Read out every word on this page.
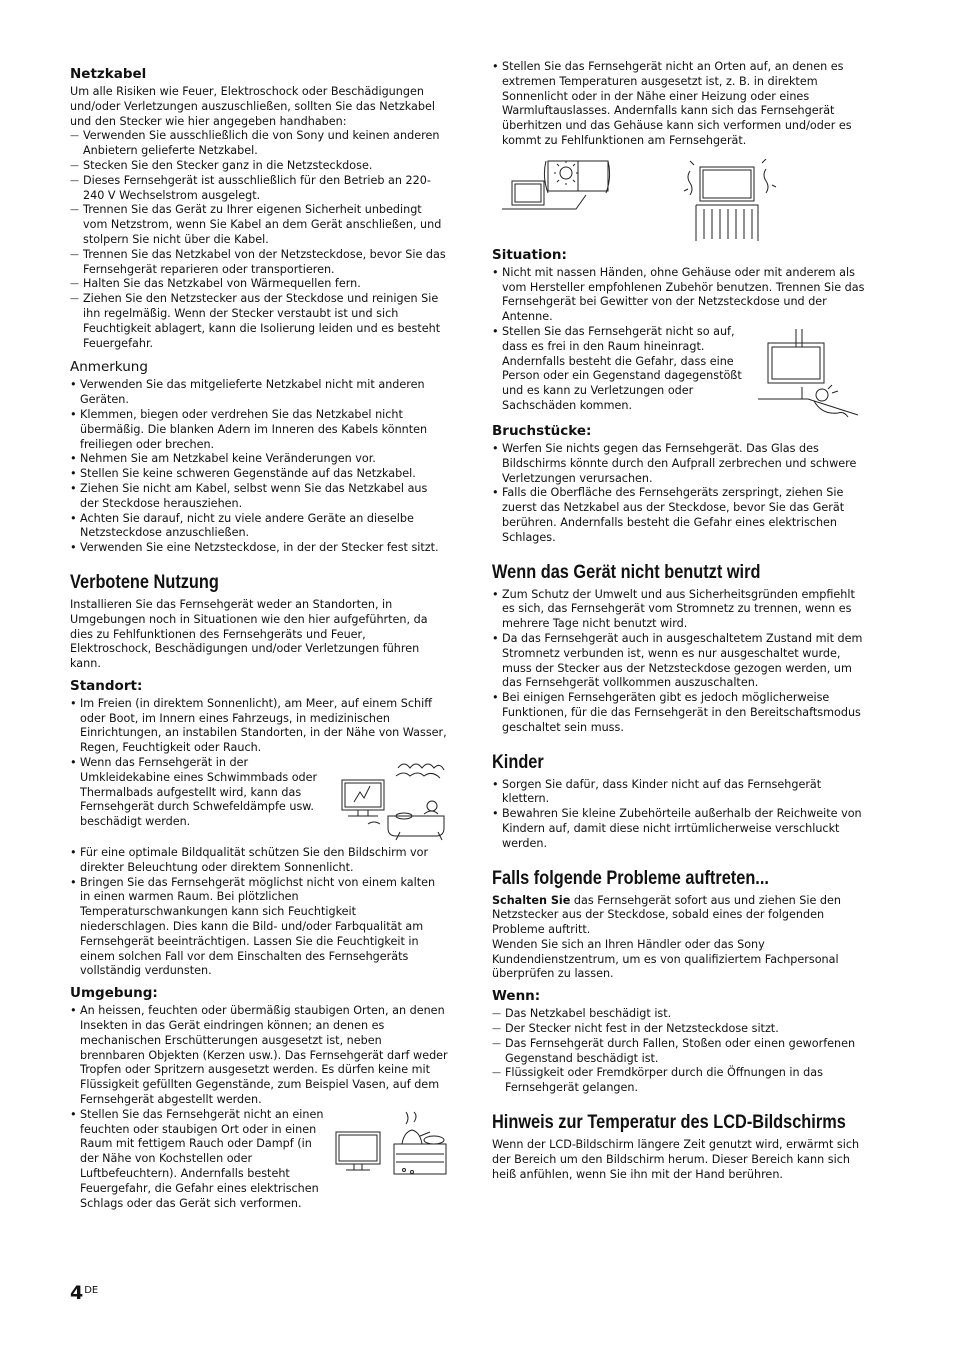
Netzkabel

Um alle Risiken wie Feuer, Elektroschock oder Beschädigungen und/oder Verletzungen auszuschließen, sollten Sie das Netzkabel und den Stecker wie hier angegeben handhaben:

— Verwenden Sie ausschließlich die von Sony und keinen anderen Anbietern gelieferte Netzkabel.
— Stecken Sie den Stecker ganz in die Netzsteckdose.
— Dieses Fernsehgerät ist ausschließlich für den Betrieb an 220-240 V Wechselstrom ausgelegt.
— Trennen Sie das Gerät zu Ihrer eigenen Sicherheit unbedingt vom Netzstrom, wenn Sie Kabel an dem Gerät anschließen, und stolpern Sie nicht über die Kabel.
— Trennen Sie das Netzkabel von der Netzsteckdose, bevor Sie das Fernsehgerät reparieren oder transportieren.
— Halten Sie das Netzkabel von Wärmequellen fern.
— Ziehen Sie den Netzstecker aus der Steckdose und reinigen Sie ihn regelmäßig. Wenn der Stecker verstaubt ist und sich Feuchtigkeit ablagert, kann die Isolierung leiden und es besteht Feuergefahr.
Anmerkung
• Verwenden Sie das mitgelieferte Netzkabel nicht mit anderen Geräten.
• Klemmen, biegen oder verdrehen Sie das Netzkabel nicht übermäßig. Die blanken Adern im Inneren des Kabels könnten freiliegen oder brechen.
• Nehmen Sie am Netzkabel keine Veränderungen vor.
• Stellen Sie keine schweren Gegenstände auf das Netzkabel.
• Ziehen Sie nicht am Kabel, selbst wenn Sie das Netzkabel aus der Steckdose herausziehen.
• Achten Sie darauf, nicht zu viele andere Geräte an dieselbe Netzsteckdose anzuschließen.
• Verwenden Sie eine Netzsteckdose, in der der Stecker fest sitzt.
Verbotene Nutzung

Installieren Sie das Fernsehgerät weder an Standorten, in Umgebungen noch in Situationen wie den hier aufgeführten, da dies zu Fehlfunktionen des Fernsehgeräts und Feuer, Elektroschock, Beschädigungen und/oder Verletzungen führen kann.

Standort:
• Im Freien (in direktem Sonnenlicht), am Meer, auf einem Schiff oder Boot, im Innern eines Fahrzeugs, in medizinischen Einrichtungen, an instabilen Standorten, in der Nähe von Wasser, Regen, Feuchtigkeit oder Rauch.
• Wenn das Fernsehgerät in der Umkleidekabine eines Schwimmbads oder Thermalbads aufgestellt wird, kann das Fernsehgerät durch Schwefeldämpfe usw. beschädigt werden.
• Für eine optimale Bildqualität schützen Sie den Bildschirm vor direkter Beleuchtung oder direktem Sonnenlicht.
• Bringen Sie das Fernsehgerät möglichst nicht von einem kalten in einen warmen Raum. Bei plötzlichen Temperaturschwankungen kann sich Feuchtigkeit niederschlagen. Dies kann die Bild- und/oder Farbqualität am Fernsehgerät beeinträchtigen. Lassen Sie die Feuchtigkeit in einem solchen Fall vor dem Einschalten des Fernsehgeräts vollständig verdunsten.
Umgebung:
• An heissen, feuchten oder übermäßig staubigen Orten, an denen Insekten in das Gerät eindringen können; an denen es mechanischen Erschütterungen ausgesetzt ist, neben brennbaren Objekten (Kerzen usw.). Das Fernsehgerät darf weder Tropfen oder Spritzern ausgesetzt werden. Es dürfen keine mit Flüssigkeit gefüllten Gegenstände, zum Beispiel Vasen, auf dem Fernsehgerät abgestellt werden.
• Stellen Sie das Fernsehgerät nicht an einen feuchten oder staubigen Ort oder in einen Raum mit fettigem Rauch oder Dampf (in der Nähe von Kochstellen oder Luftbefeuchtern). Andernfalls besteht Feuergefahr, die Gefahr eines elektrischen Schlags oder das Gerät sich verformen.
• Stellen Sie das Fernsehgerät nicht an Orten auf, an denen es extremen Temperaturen ausgesetzt ist, z. B. in direktem Sonnenlicht oder in der Nähe einer Heizung oder eines Warmluftauslasses. Andernfalls kann sich das Fernsehgerät überhitzen und das Gehäuse kann sich verformen und/oder es kommt zu Fehlfunktionen am Fernsehgerät.
Situation:
• Nicht mit nassen Händen, ohne Gehäuse oder mit anderem als vom Hersteller empfohlenen Zubehör benutzen. Trennen Sie das Fernsehgerät bei Gewitter von der Netzsteckdose und der Antenne.
• Stellen Sie das Fernsehgerät nicht so auf, dass es frei in den Raum hineinragt. Andernfalls besteht die Gefahr, dass eine Person oder ein Gegenstand dagegenstößt und es kann zu Verletzungen oder Sachschäden kommen.
Bruchstücke:
• Werfen Sie nichts gegen das Fernsehgerät. Das Glas des Bildschirms könnte durch den Aufprall zerbrechen und schwere Verletzungen verursachen.
• Falls die Oberfläche des Fernsehgeräts zerspringt, ziehen Sie zuerst das Netzkabel aus der Steckdose, bevor Sie das Gerät berühren. Andernfalls besteht die Gefahr eines elektrischen Schlages.
Wenn das Gerät nicht benutzt wird
• Zum Schutz der Umwelt und aus Sicherheitsgründen empfiehlt es sich, das Fernsehgerät vom Stromnetz zu trennen, wenn es mehrere Tage nicht benutzt wird.
• Da das Fernsehgerät auch in ausgeschaltetem Zustand mit dem Stromnetz verbunden ist, wenn es nur ausgeschaltet wurde, muss der Stecker aus der Netzsteckdose gezogen werden, um das Fernsehgerät vollkommen auszuschalten.
• Bei einigen Fernsehgeräten gibt es jedoch möglicherweise Funktionen, für die das Fernsehgerät in den Bereitschaftsmodus geschaltet sein muss.
Kinder
• Sorgen Sie dafür, dass Kinder nicht auf das Fernsehgerät klettern.
• Bewahren Sie kleine Zubehörteile außerhalb der Reichweite von Kindern auf, damit diese nicht irrtümlicherweise verschluckt werden.
Falls folgende Probleme auftreten...

Schalten Sie das Fernsehgerät sofort aus und ziehen Sie den Netzstecker aus der Steckdose, sobald eines der folgenden Probleme auftritt.

Wenden Sie sich an Ihren Händler oder das Sony Kundendienstzentrum, um es von qualifiziertem Fachpersonal überprüfen zu lassen.

Wenn:
— Das Netzkabel beschädigt ist.
— Der Stecker nicht fest in der Netzsteckdose sitzt.
— Das Fernsehgerät durch Fallen, Stoßen oder einen geworfenen Gegenstand beschädigt ist.
— Flüssigkeit oder Fremdkörper durch die Öffnungen in das Fernsehgerät gelangen.
Hinweis zur Temperatur des LCD-Bildschirms

Wenn der LCD-Bildschirm längere Zeit genutzt wird, erwärmt sich der Bereich um den Bildschirm herum. Dieser Bereich kann sich heiß anfühlen, wenn Sie ihn mit der Hand berühren.

$4_{DE}$
